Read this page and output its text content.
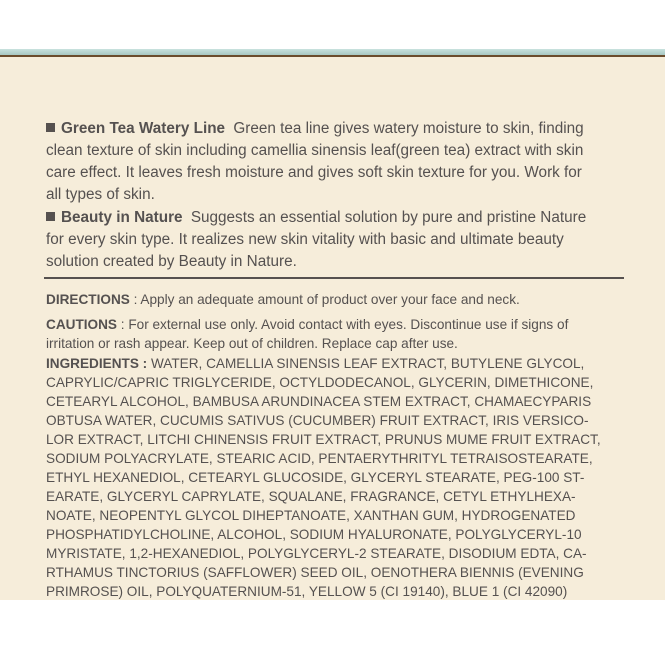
Green Tea Watery Line Green tea line gives watery moisture to skin, finding
clean texture of skin including camellia sinensis leaf(green tea) extract with skin
care effect. It leaves fresh moisture and gives soft skin texture for you. Work for
all types of skin.

Beauty in Nature Suggests an essential solution by pure and pristine Nature
for every skin type. It realizes new skin vitality with basic and ultimate beauty
solution created by Beauty in Nature.

DIRECTIONS : Apply an adequate amount of product over your face and neck.

CAUTIONS : For external use only. Avoid contact with eyes. Discontinue use if signs of
irritation or rash appear. Keep out of children. Replace cap after use.

INGREDIENTS : WATER, CAMELLIA SINENSIS LEAF EXTRACT, BUTYLENE GLYCOL,
CAPRYLIC/CAPRIC TRIGLYCERIDE, OCTYLDODECANOL, GLYCERIN, DIMETHICONE,
CETEARYL ALCOHOL, BAMBUSA ARUNDINACEA STEM EXTRACT, CHAMAECYPARIS
OBTUSA WATER, CUCUMIS SATIVUS (CUCUMBER) FRUIT EXTRACT, IRIS VERSICO-
LOR EXTRACT, LITCHI CHINENSIS FRUIT EXTRACT, PRUNUS MUME FRUIT EXTRACT,
SODIUM POLYACRYLATE, STEARIC ACID, PENTAERYTHRITYL TETRAISOSTEARATE,
ETHYL HEXANEDIOL, CETEARYL GLUCOSIDE, GLYCERYL STEARATE, PEG-100 ST-
EARATE, GLYCERYL CAPRYLATE, SQUALANE, FRAGRANCE, CETYL ETHYLHEXA-
NOATE, NEOPENTYL GLYCOL DIHEPTANOATE, XANTHAN GUM, HYDROGENATED
PHOSPHATIDYLCHOLINE, ALCOHOL, SODIUM HYALURONATE, POLYGLYCERYL-10
MYRISTATE, 1,2-HEXANEDIOL, POLYGLYCERYL-2 STEARATE, DISODIUM EDTA, CA-
RTHAMUS TINCTORIUS (SAFFLOWER) SEED OIL, OENOTHERA BIENNIS (EVENING
PRIMROSE) OIL, POLYQUATERNIUM-51, YELLOW 5 (CI 19140), BLUE 1 (CI 42090)
